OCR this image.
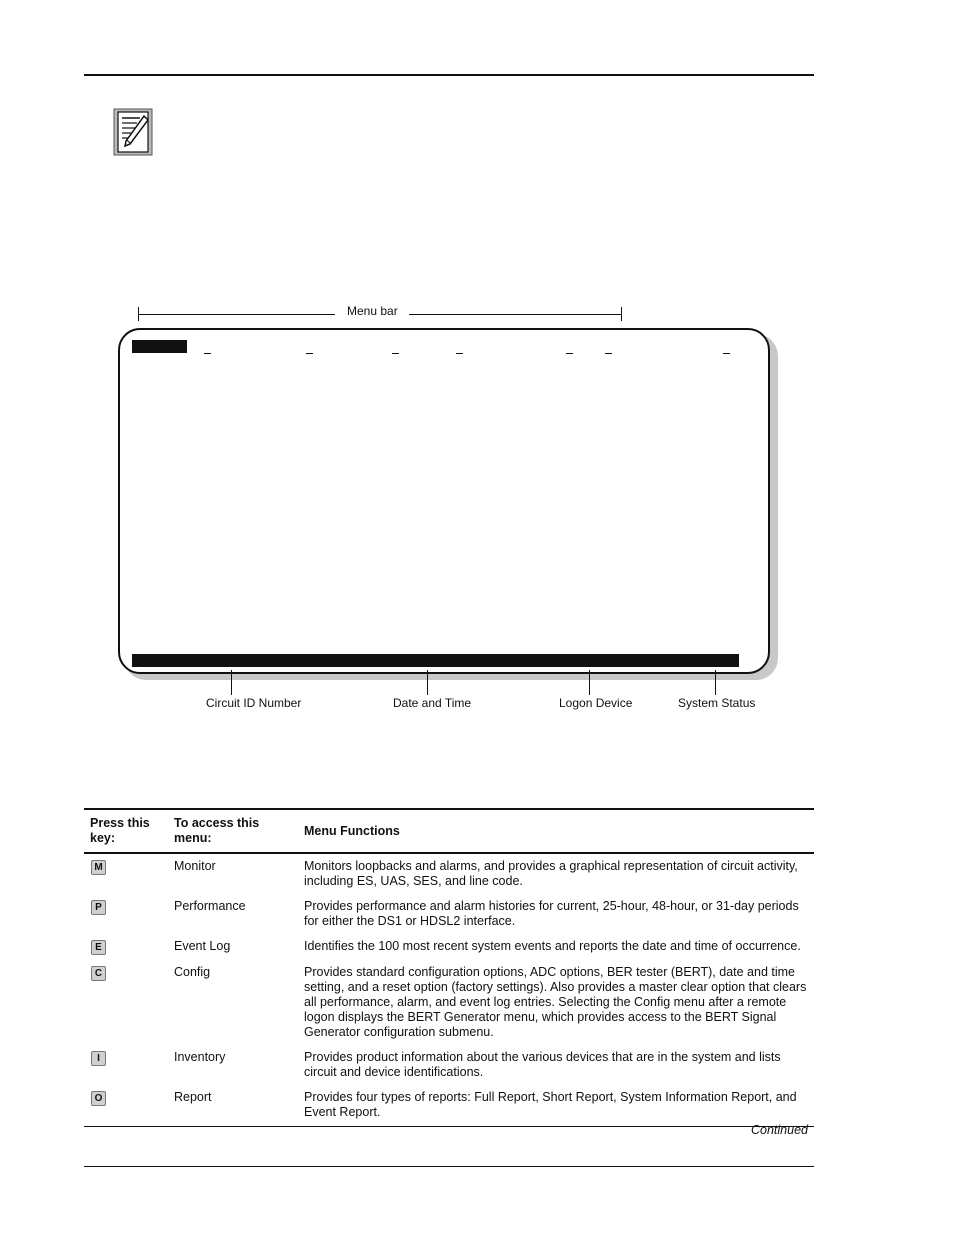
Menu bar
Circuit ID Number	Date and Time	Logon Device	System Status
Press this key:	To access this menu:	Menu Functions
M	Monitor	Monitors loopbacks and alarms, and provides a graphical representation of circuit activity, including ES, UAS, SES, and line code.
P	Performance	Provides performance and alarm histories for current, 25-hour, 48-hour, or 31-day periods for either the DS1 or HDSL2 interface.
E	Event Log	Identifies the 100 most recent system events and reports the date and time of occurrence.
C	Config	Provides standard configuration options, ADC options, BER tester (BERT), date and time setting, and a reset option (factory settings). Also provides a master clear option that clears all performance, alarm, and event log entries. Selecting the Config menu after a remote logon displays the BERT Generator menu, which provides access to the BERT Signal Generator configuration submenu.
I	Inventory	Provides product information about the various devices that are in the system and lists circuit and device identifications.
O	Report	Provides four types of reports: Full Report, Short Report, System Information Report, and Event Report.
Continued
